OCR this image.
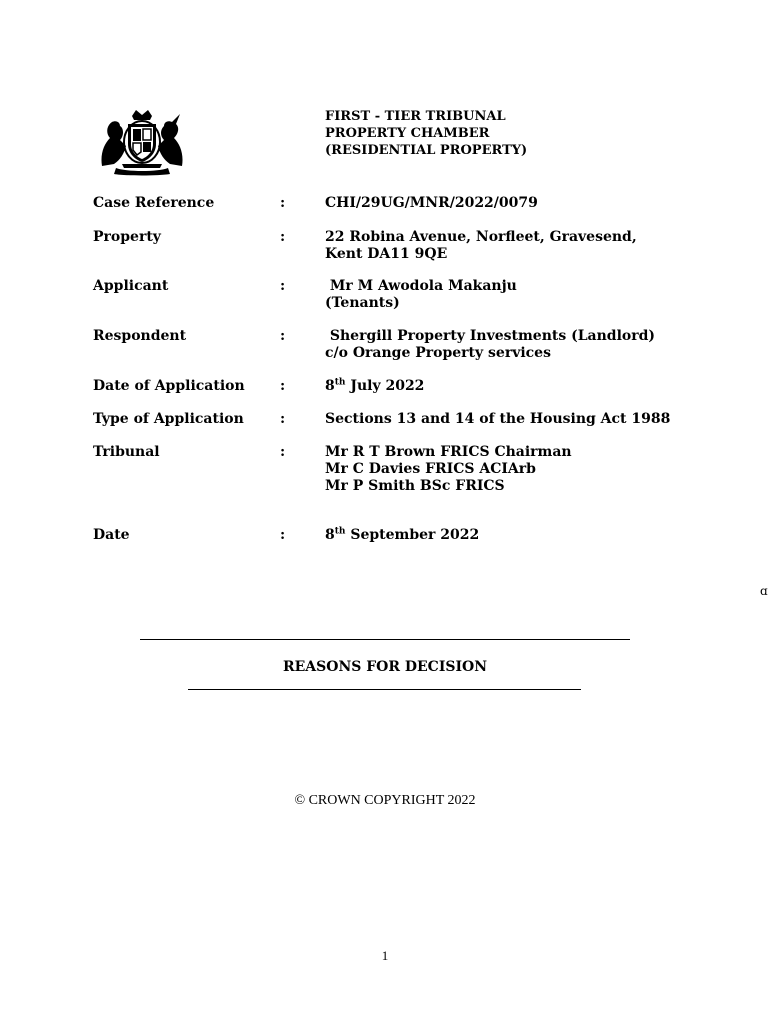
FIRST - TIER TRIBUNAL
PROPERTY CHAMBER
(RESIDENTIAL PROPERTY)
Case Reference	:	CHI/29UG/MNR/2022/0079
Property	:	22 Robina Avenue, Norfleet, Gravesend,
Kent DA11 9QE
Applicant	:	Mr M Awodola Makanju
(Tenants)
Respondent	:	Shergill Property Investments (Landlord)
c/o Orange Property services
Date of Application	:	8th July 2022
Type of Application	:	Sections 13 and 14 of the Housing Act 1988
Tribunal	:	Mr R T Brown FRICS Chairman
Mr C Davies FRICS ACIArb
Mr P Smith BSc FRICS
Date	:	8th September 2022
ɑ
REASONS FOR DECISION
© CROWN COPYRIGHT 2022
1
